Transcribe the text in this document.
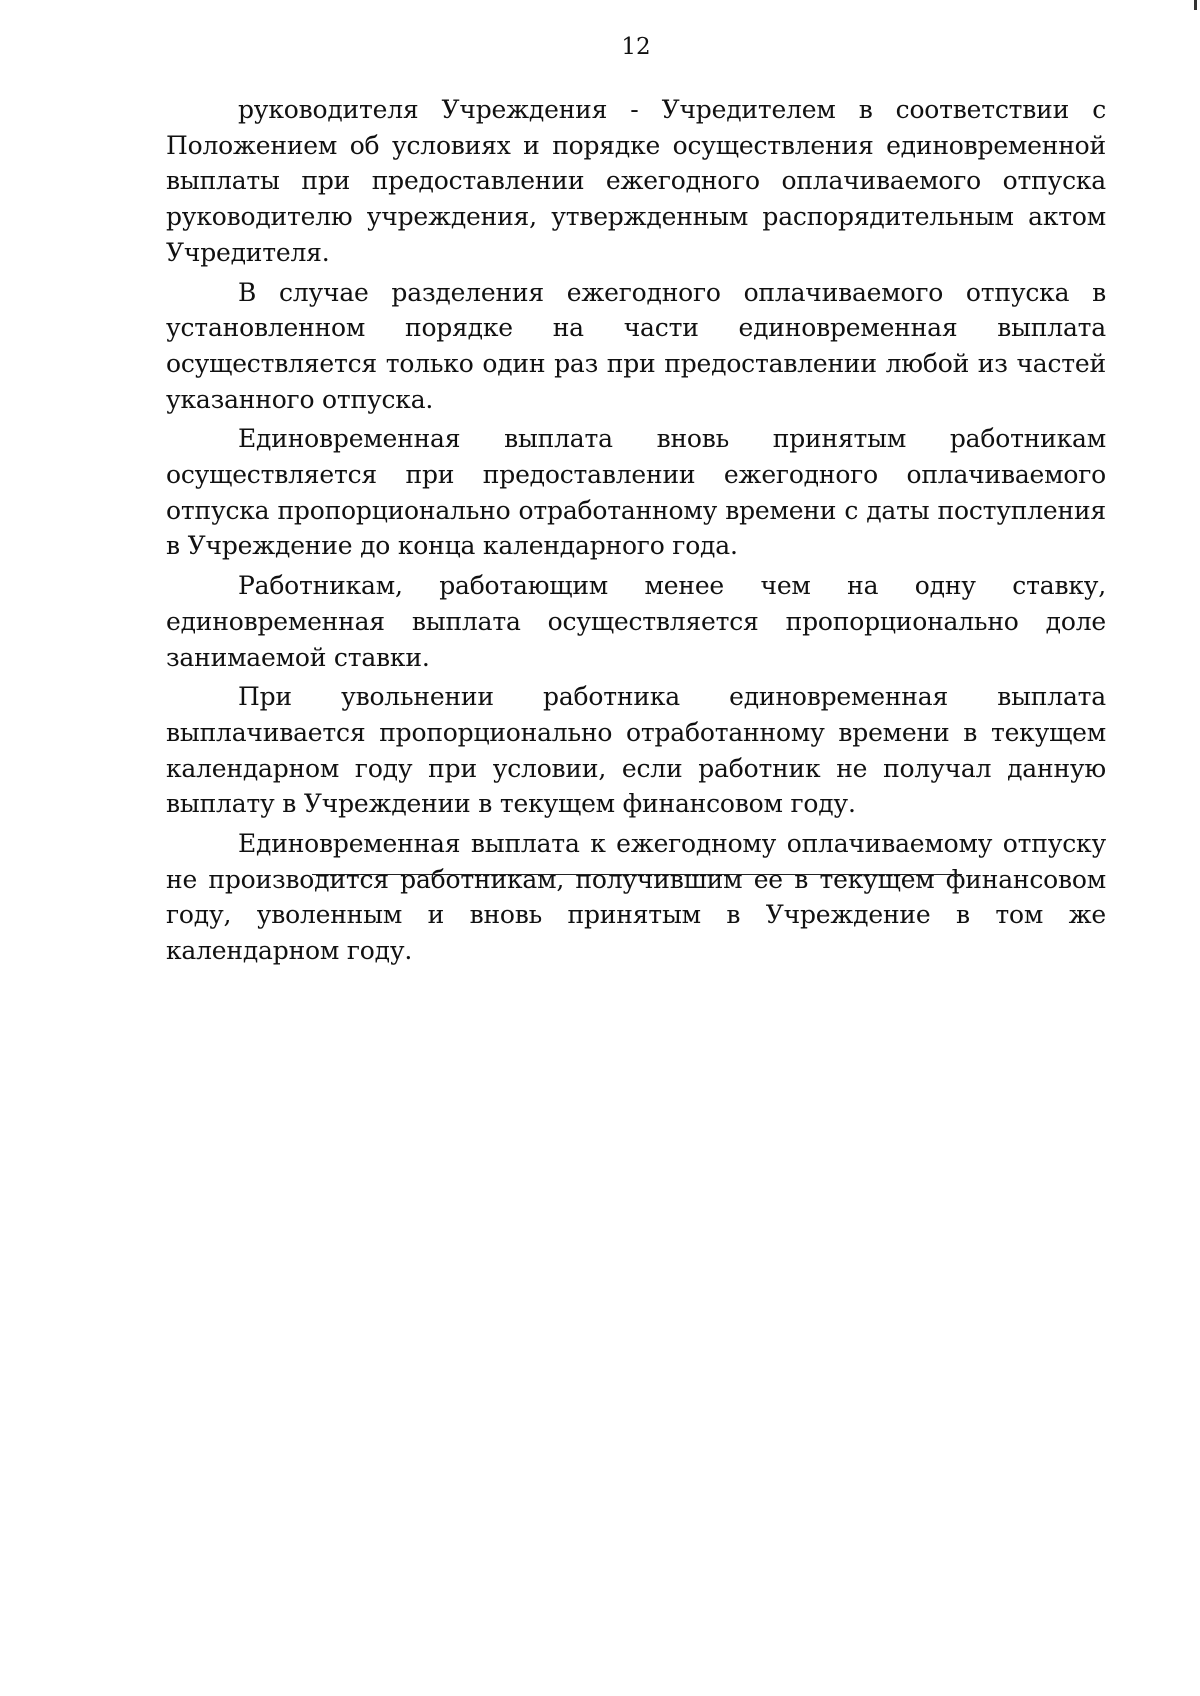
12

руководителя Учреждения - Учредителем в соответствии с Положением об условиях и порядке осуществления единовременной выплаты при предоставлении ежегодного оплачиваемого отпуска руководителю учреждения, утвержденным распорядительным актом Учредителя.

В случае разделения ежегодного оплачиваемого отпуска в установленном порядке на части единовременная выплата осуществляется только один раз при предоставлении любой из частей указанного отпуска.

Единовременная выплата вновь принятым работникам осуществляется при предоставлении ежегодного оплачиваемого отпуска пропорционально отработанному времени с даты поступления в Учреждение до конца календарного года.

Работникам, работающим менее чем на одну ставку, единовременная выплата осуществляется пропорционально доле занимаемой ставки.

При увольнении работника единовременная выплата выплачивается пропорционально отработанному времени в текущем календарном году при условии, если работник не получал данную выплату в Учреждении в текущем финансовом году.

Единовременная выплата к ежегодному оплачиваемому отпуску не производится работникам, получившим ее в текущем финансовом году, уволенным и вновь принятым в Учреждение в том же календарном году.
